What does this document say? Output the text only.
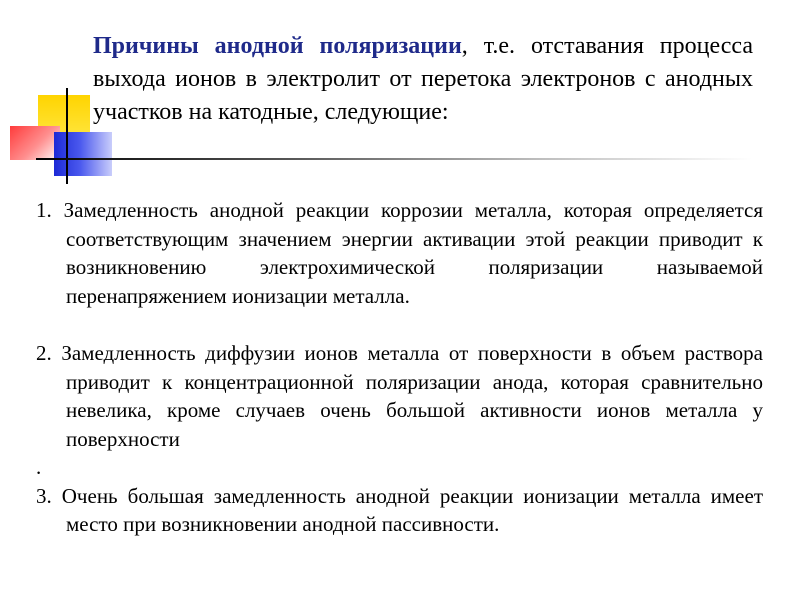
Причины анодной поляризации, т.е. отставания процесса выхода ионов в электролит от перетока электронов с анодных участков на катодные, следующие:

1. Замедленность анодной реакции коррозии металла, которая определяется соответствующим значением энергии активации этой реакции приводит к возникновению электрохимической поляризации называемой перенапряжением ионизации металла.

2. Замедленность диффузии ионов металла от поверхности в объем раствора приводит к концентрационной поляризации анода, которая сравнительно невелика, кроме случаев очень большой активности ионов металла у поверхности

.

3. Очень большая замедленность анодной реакции ионизации металла имеет место при возникновении анодной пассивности.
